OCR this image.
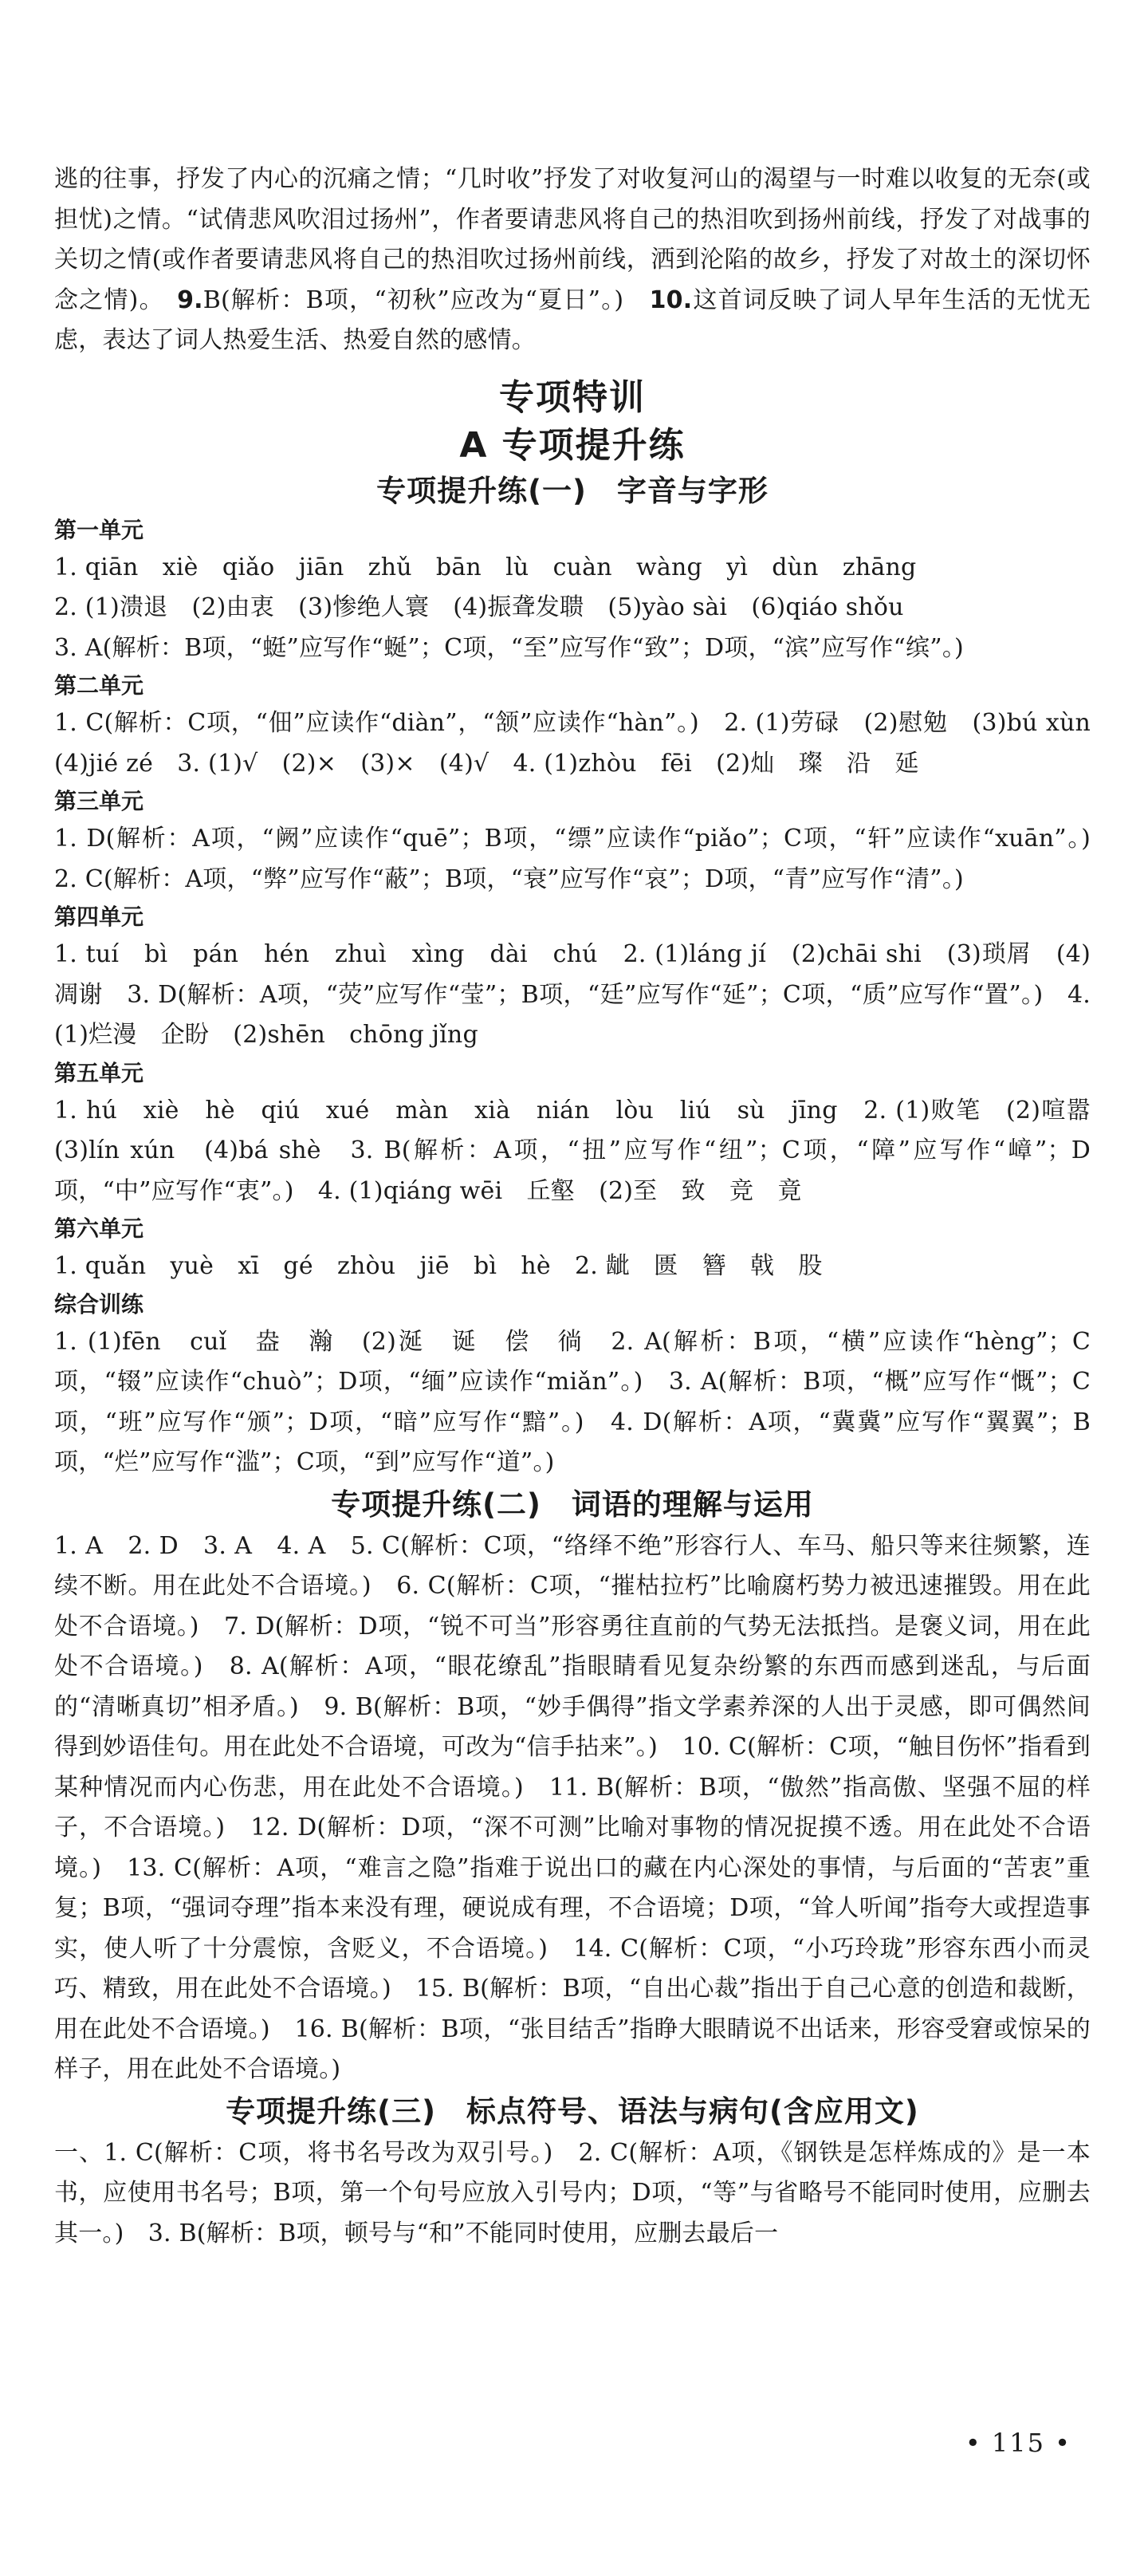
逃的往事，抒发了内心的沉痛之情；“几时收”抒发了对收复河山的渴望与一时难以收复的无奈(或担忧)之情。“试倩悲风吹泪过扬州”，作者要请悲风将自己的热泪吹到扬州前线，抒发了对战事的关切之情(或作者要请悲风将自己的热泪吹过扬州前线，洒到沦陷的故乡，抒发了对故土的深切怀念之情)。　 9.B(解析：B项，“初秋”应改为“夏日”。)　 10.这首词反映了词人早年生活的无忧无虑，表达了词人热爱生活、热爱自然的感情。

专项特训
A 专项提升练
专项提升练(一)　字音与字形
第一单元

1. qiān　xiè　qiǎo　jiān　zhǔ　bān　lù　cuàn　wàng　yì　dùn　zhāng

2. (1)溃退　(2)由衷　(3)惨绝人寰　(4)振聋发聩　(5)yào sài　(6)qiáo shǒu

3. A(解析：B项，“蜓”应写作“蜒”；C项，“至”应写作“致”；D项，“滨”应写作“缤”。)

第二单元

1. C(解析：C项，“佃”应读作“diàn”，“颔”应读作“hàn”。)　2. (1)劳碌　(2)慰勉　(3)bú xùn　(4)jié zé　3. (1)√　(2)×　(3)×　(4)√　4. (1)zhòu　fēi　(2)灿　璨　沿　延

第三单元

1. D(解析：A项，“阙”应读作“quē”；B项，“缥”应读作“piǎo”；C项，“轩”应读作“xuān”。)　2. C(解析：A项，“弊”应写作“蔽”；B项，“衰”应写作“哀”；D项，“青”应写作“清”。)

第四单元

1. tuí　bì　pán　hén　zhuì　xìng　dài　chú　2. (1)láng jí　(2)chāi shi　(3)琐屑　(4)凋谢　3. D(解析：A项，“荧”应写作“莹”；B项，“廷”应写作“延”；C项，“质”应写作“置”。)　4. (1)烂漫　企盼　(2)shēn　chōng jǐng

第五单元

1. hú　xiè　hè　qiú　xué　màn　xià　nián　lòu　liú　sù　jīng　2. (1)败笔　(2)喧嚣　(3)lín xún　(4)bá shè　3. B(解析：A项，“扭”应写作“纽”；C项，“障”应写作“嶂”；D项，“中”应写作“衷”。)　4. (1)qiáng wēi　丘壑　(2)至　致　竞　竟

第六单元

1. quǎn　yuè　xī　gé　zhòu　jiē　bì　hè　2. 龇　匮　簪　戟　股

综合训练

1. (1)fēn　cuǐ　盎　瀚　(2)涎　诞　偿　徜　2. A(解析：B项，“横”应读作“hèng”；C项，“辍”应读作“chuò”；D项，“缅”应读作“miǎn”。)　3. A(解析：B项，“概”应写作“慨”；C项，“班”应写作“颁”；D项，“暗”应写作“黯”。)　4. D(解析：A项，“冀冀”应写作“翼翼”；B项，“烂”应写作“滥”；C项，“到”应写作“道”。)

专项提升练(二)　词语的理解与运用

1. A　2. D　3. A　4. A　5. C(解析：C项，“络绎不绝”形容行人、车马、船只等来往频繁，连续不断。用在此处不合语境。)　6. C(解析：C项，“摧枯拉朽”比喻腐朽势力被迅速摧毁。用在此处不合语境。)　7. D(解析：D项，“锐不可当”形容勇往直前的气势无法抵挡。是褒义词，用在此处不合语境。)　8. A(解析：A项，“眼花缭乱”指眼睛看见复杂纷繁的东西而感到迷乱，与后面的“清晰真切”相矛盾。)　9. B(解析：B项，“妙手偶得”指文学素养深的人出于灵感，即可偶然间得到妙语佳句。用在此处不合语境，可改为“信手拈来”。)　10. C(解析：C项，“触目伤怀”指看到某种情况而内心伤悲，用在此处不合语境。)　11. B(解析：B项，“傲然”指高傲、坚强不屈的样子，不合语境。)　12. D(解析：D项，“深不可测”比喻对事物的情况捉摸不透。用在此处不合语境。)　13. C(解析：A项，“难言之隐”指难于说出口的藏在内心深处的事情，与后面的“苦衷”重复；B项，“强词夺理”指本来没有理，硬说成有理，不合语境；D项，“耸人听闻”指夸大或捏造事实，使人听了十分震惊，含贬义，不合语境。)　14. C(解析：C项，“小巧玲珑”形容东西小而灵巧、精致，用在此处不合语境。)　15. B(解析：B项，“自出心裁”指出于自己心意的创造和裁断，用在此处不合语境。)　16. B(解析：B项，“张目结舌”指睁大眼睛说不出话来，形容受窘或惊呆的样子，用在此处不合语境。)

专项提升练(三)　标点符号、语法与病句(含应用文)

一、1. C(解析：C项，将书名号改为双引号。)　2. C(解析：A项，《钢铁是怎样炼成的》是一本书，应使用书名号；B项，第一个句号应放入引号内；D项，“等”与省略号不能同时使用，应删去其一。)　3. B(解析：B项，顿号与“和”不能同时使用，应删去最后一

• 115 •
